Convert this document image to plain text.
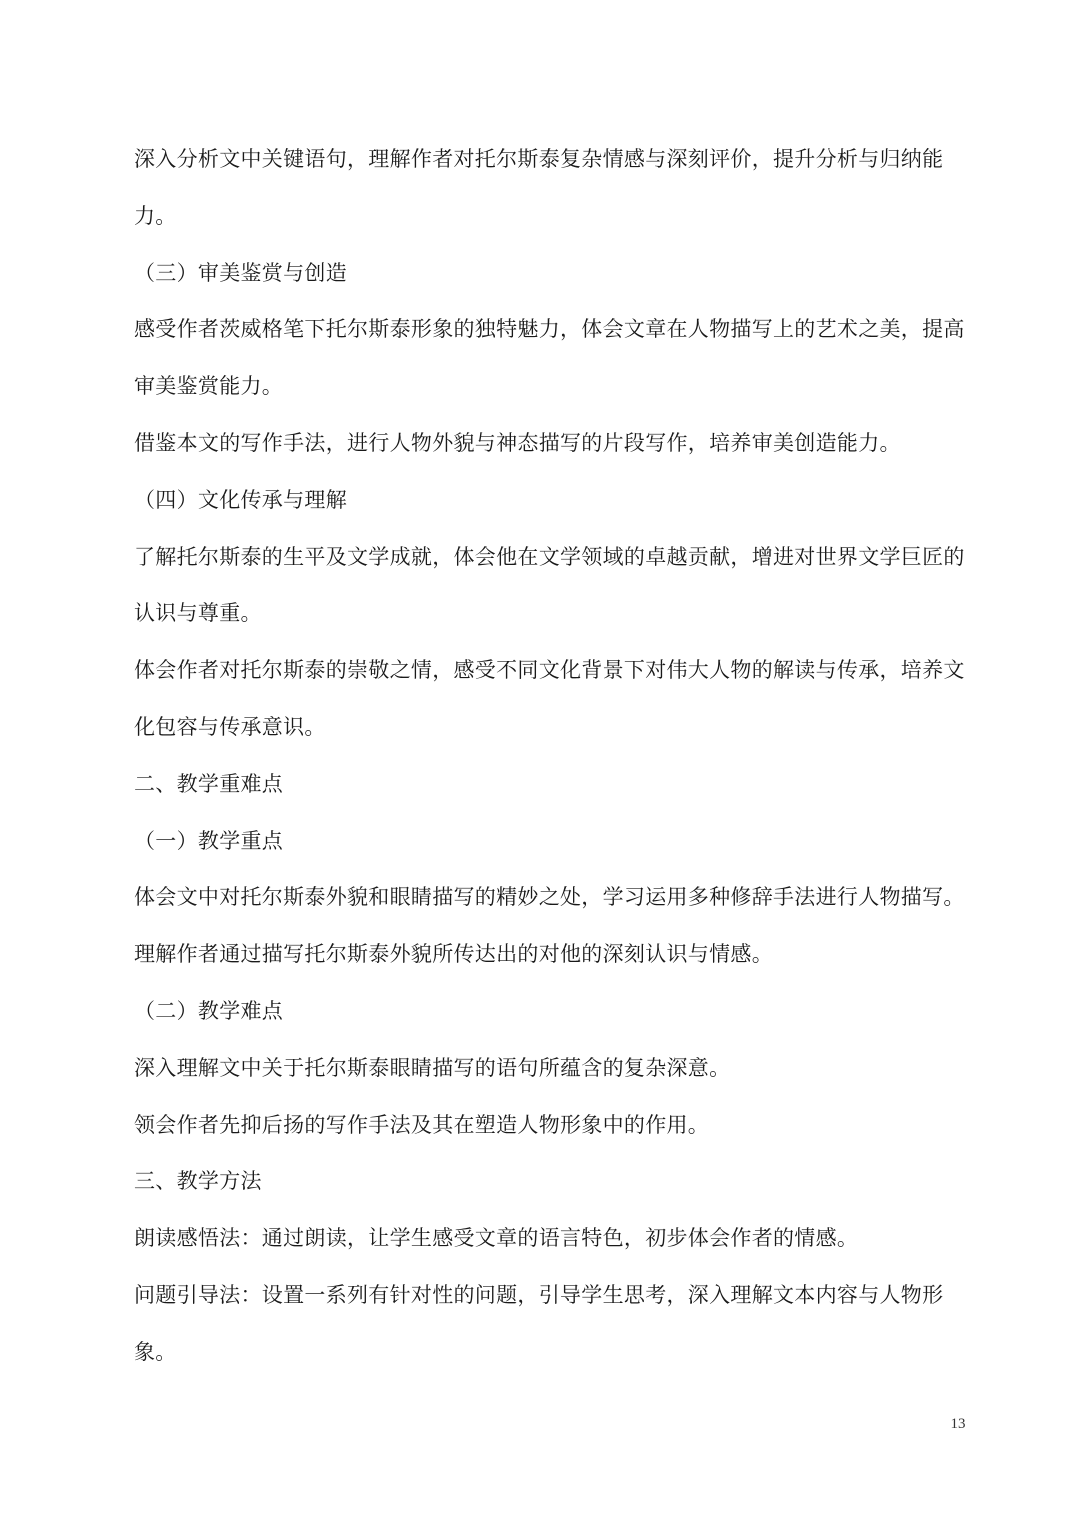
深入分析文中关键语句，理解作者对托尔斯泰复杂情感与深刻评价，提升分析与归纳能力。

（三）审美鉴赏与创造

感受作者茨威格笔下托尔斯泰形象的独特魅力，体会文章在人物描写上的艺术之美，提高审美鉴赏能力。

借鉴本文的写作手法，进行人物外貌与神态描写的片段写作，培养审美创造能力。

（四）文化传承与理解

了解托尔斯泰的生平及文学成就，体会他在文学领域的卓越贡献，增进对世界文学巨匠的认识与尊重。

体会作者对托尔斯泰的崇敬之情，感受不同文化背景下对伟大人物的解读与传承，培养文化包容与传承意识。

二、教学重难点

（一）教学重点

体会文中对托尔斯泰外貌和眼睛描写的精妙之处，学习运用多种修辞手法进行人物描写。

理解作者通过描写托尔斯泰外貌所传达出的对他的深刻认识与情感。

（二）教学难点

深入理解文中关于托尔斯泰眼睛描写的语句所蕴含的复杂深意。

领会作者先抑后扬的写作手法及其在塑造人物形象中的作用。

三、教学方法

朗读感悟法：通过朗读，让学生感受文章的语言特色，初步体会作者的情感。

问题引导法：设置一系列有针对性的问题，引导学生思考，深入理解文本内容与人物形象。

13
